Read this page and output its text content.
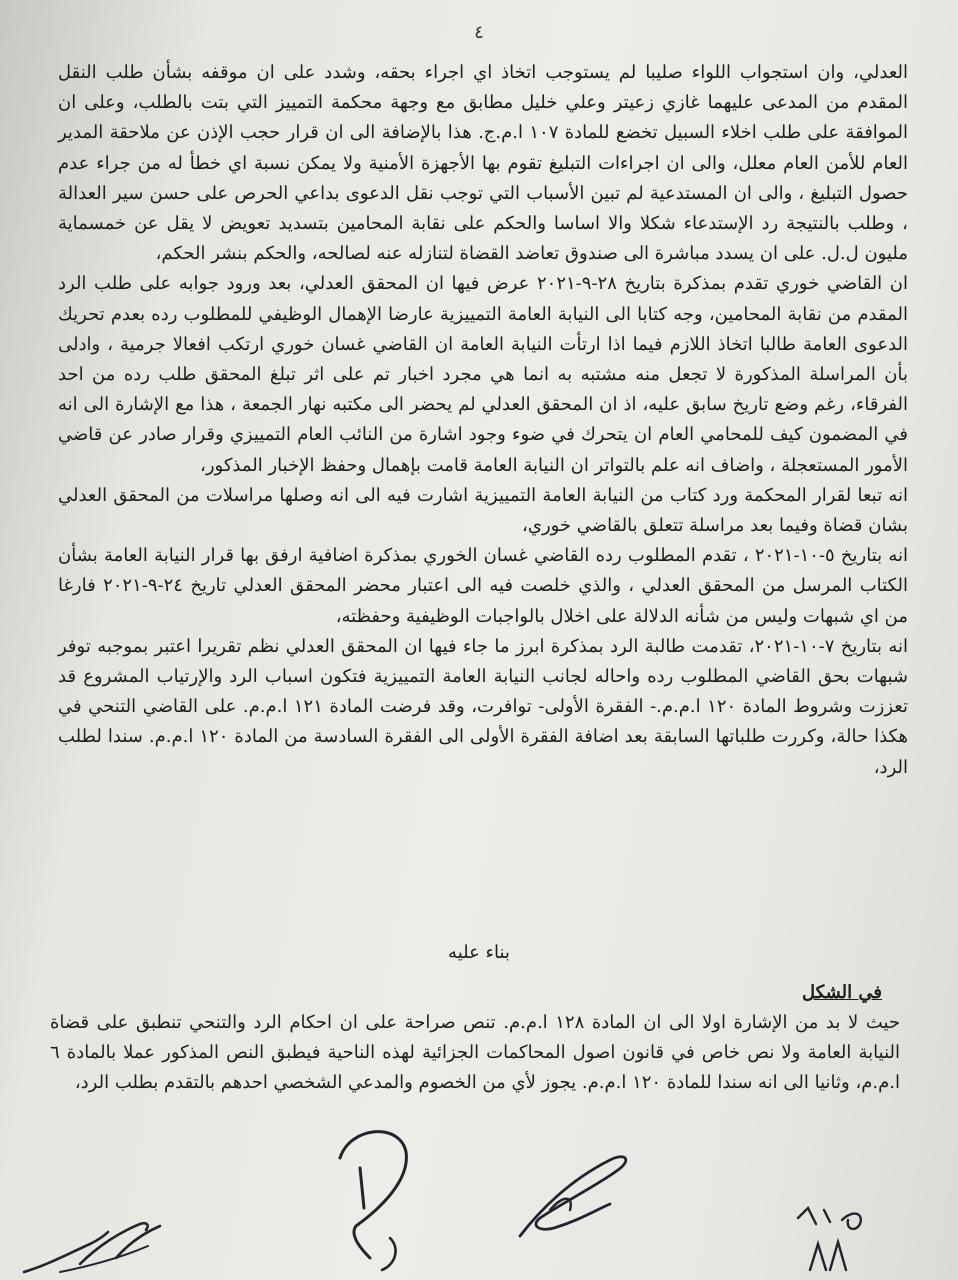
٤

العدلي، وان استجواب اللواء صليبا لم يستوجب اتخاذ اي اجراء بحقه، وشدد على ان موقفه بشأن طلب النقل المقدم من المدعى عليهما غازي زعيتر وعلي خليل مطابق مع وجهة محكمة التمييز التي بتت بالطلب، وعلى ان الموافقة على طلب اخلاء السبيل تخضع للمادة ١٠٧ ا.م.ج. هذا بالإضافة الى ان قرار حجب الإذن عن ملاحقة المدير العام للأمن العام معلل، والى ان اجراءات التبليغ تقوم بها الأجهزة الأمنية ولا يمكن نسبة اي خطأ له من جراء عدم حصول التبليغ ، والى ان المستدعية لم تبين الأسباب التي توجب نقل الدعوى بداعي الحرص على حسن سير العدالة ، وطلب بالنتيجة رد الإستدعاء شكلا والا اساسا والحكم على نقابة المحامين بتسديد تعويض لا يقل عن خمسماية مليون ل.ل. على ان يسدد مباشرة الى صندوق تعاضد القضاة لتنازله عنه لصالحه، والحكم بنشر الحكم،

ان القاضي خوري تقدم بمذكرة بتاريخ ٢٨-٩-٢٠٢١ عرض فيها ان المحقق العدلي، بعد ورود جوابه على طلب الرد المقدم من نقابة المحامين، وجه كتابا الى النيابة العامة التمييزية عارضا الإهمال الوظيفي للمطلوب رده بعدم تحريك الدعوى العامة طالبا اتخاذ اللازم فيما اذا ارتأت النيابة العامة ان القاضي غسان خوري ارتكب افعالا جرمية ، وادلى بأن المراسلة المذكورة لا تجعل منه مشتبه به انما هي مجرد اخبار تم على اثر تبلغ المحقق طلب رده من احد الفرقاء، رغم وضع تاريخ سابق عليه، اذ ان المحقق العدلي لم يحضر الى مكتبه نهار الجمعة ، هذا مع الإشارة الى انه في المضمون كيف للمحامي العام ان يتحرك في ضوء وجود اشارة من النائب العام التمييزي وقرار صادر عن قاضي الأمور المستعجلة ، واضاف انه علم بالتواتر ان النيابة العامة قامت بإهمال وحفظ الإخبار المذكور،

انه تبعا لقرار المحكمة ورد كتاب من النيابة العامة التمييزية اشارت فيه الى انه وصلها مراسلات من المحقق العدلي بشان قضاة وفيما بعد مراسلة تتعلق بالقاضي خوري،

انه بتاريخ ٥-١٠-٢٠٢١ ، تقدم المطلوب رده القاضي غسان الخوري بمذكرة اضافية ارفق بها قرار النيابة العامة بشأن الكتاب المرسل من المحقق العدلي ، والذي خلصت فيه الى اعتبار محضر المحقق العدلي تاريخ ٢٤-٩-٢٠٢١ فارغا من اي شبهات وليس من شأنه الدلالة على اخلال بالواجبات الوظيفية وحفظته،

انه بتاريخ ٧-١٠-٢٠٢١، تقدمت طالبة الرد بمذكرة ابرز ما جاء فيها ان المحقق العدلي نظم تقريرا اعتبر بموجبه توفر شبهات بحق القاضي المطلوب رده واحاله لجانب النيابة العامة التمييزية فتكون اسباب الرد والإرتياب المشروع قد تعززت وشروط المادة ١٢٠ ا.م.م.- الفقرة الأولى- توافرت، وقد فرضت المادة ١٢١ ا.م.م. على القاضي التنحي في هكذا حالة، وكررت طلباتها السابقة بعد اضافة الفقرة الأولى الى الفقرة السادسة من المادة ١٢٠ ا.م.م. سندا لطلب الرد،

بناء عليه
في الشكل

حيث لا بد من الإشارة اولا الى ان المادة ١٢٨ ا.م.م. تنص صراحة على ان احكام الرد والتنحي تنطبق على قضاة النيابة العامة ولا نص خاص في قانون اصول المحاكمات الجزائية لهذه الناحية فيطبق النص المذكور عملا بالمادة ٦ ا.م.م، وثانيا الى انه سندا للمادة ١٢٠ ا.م.م. يجوز لأي من الخصوم والمدعي الشخصي احدهم بالتقدم بطلب الرد،
